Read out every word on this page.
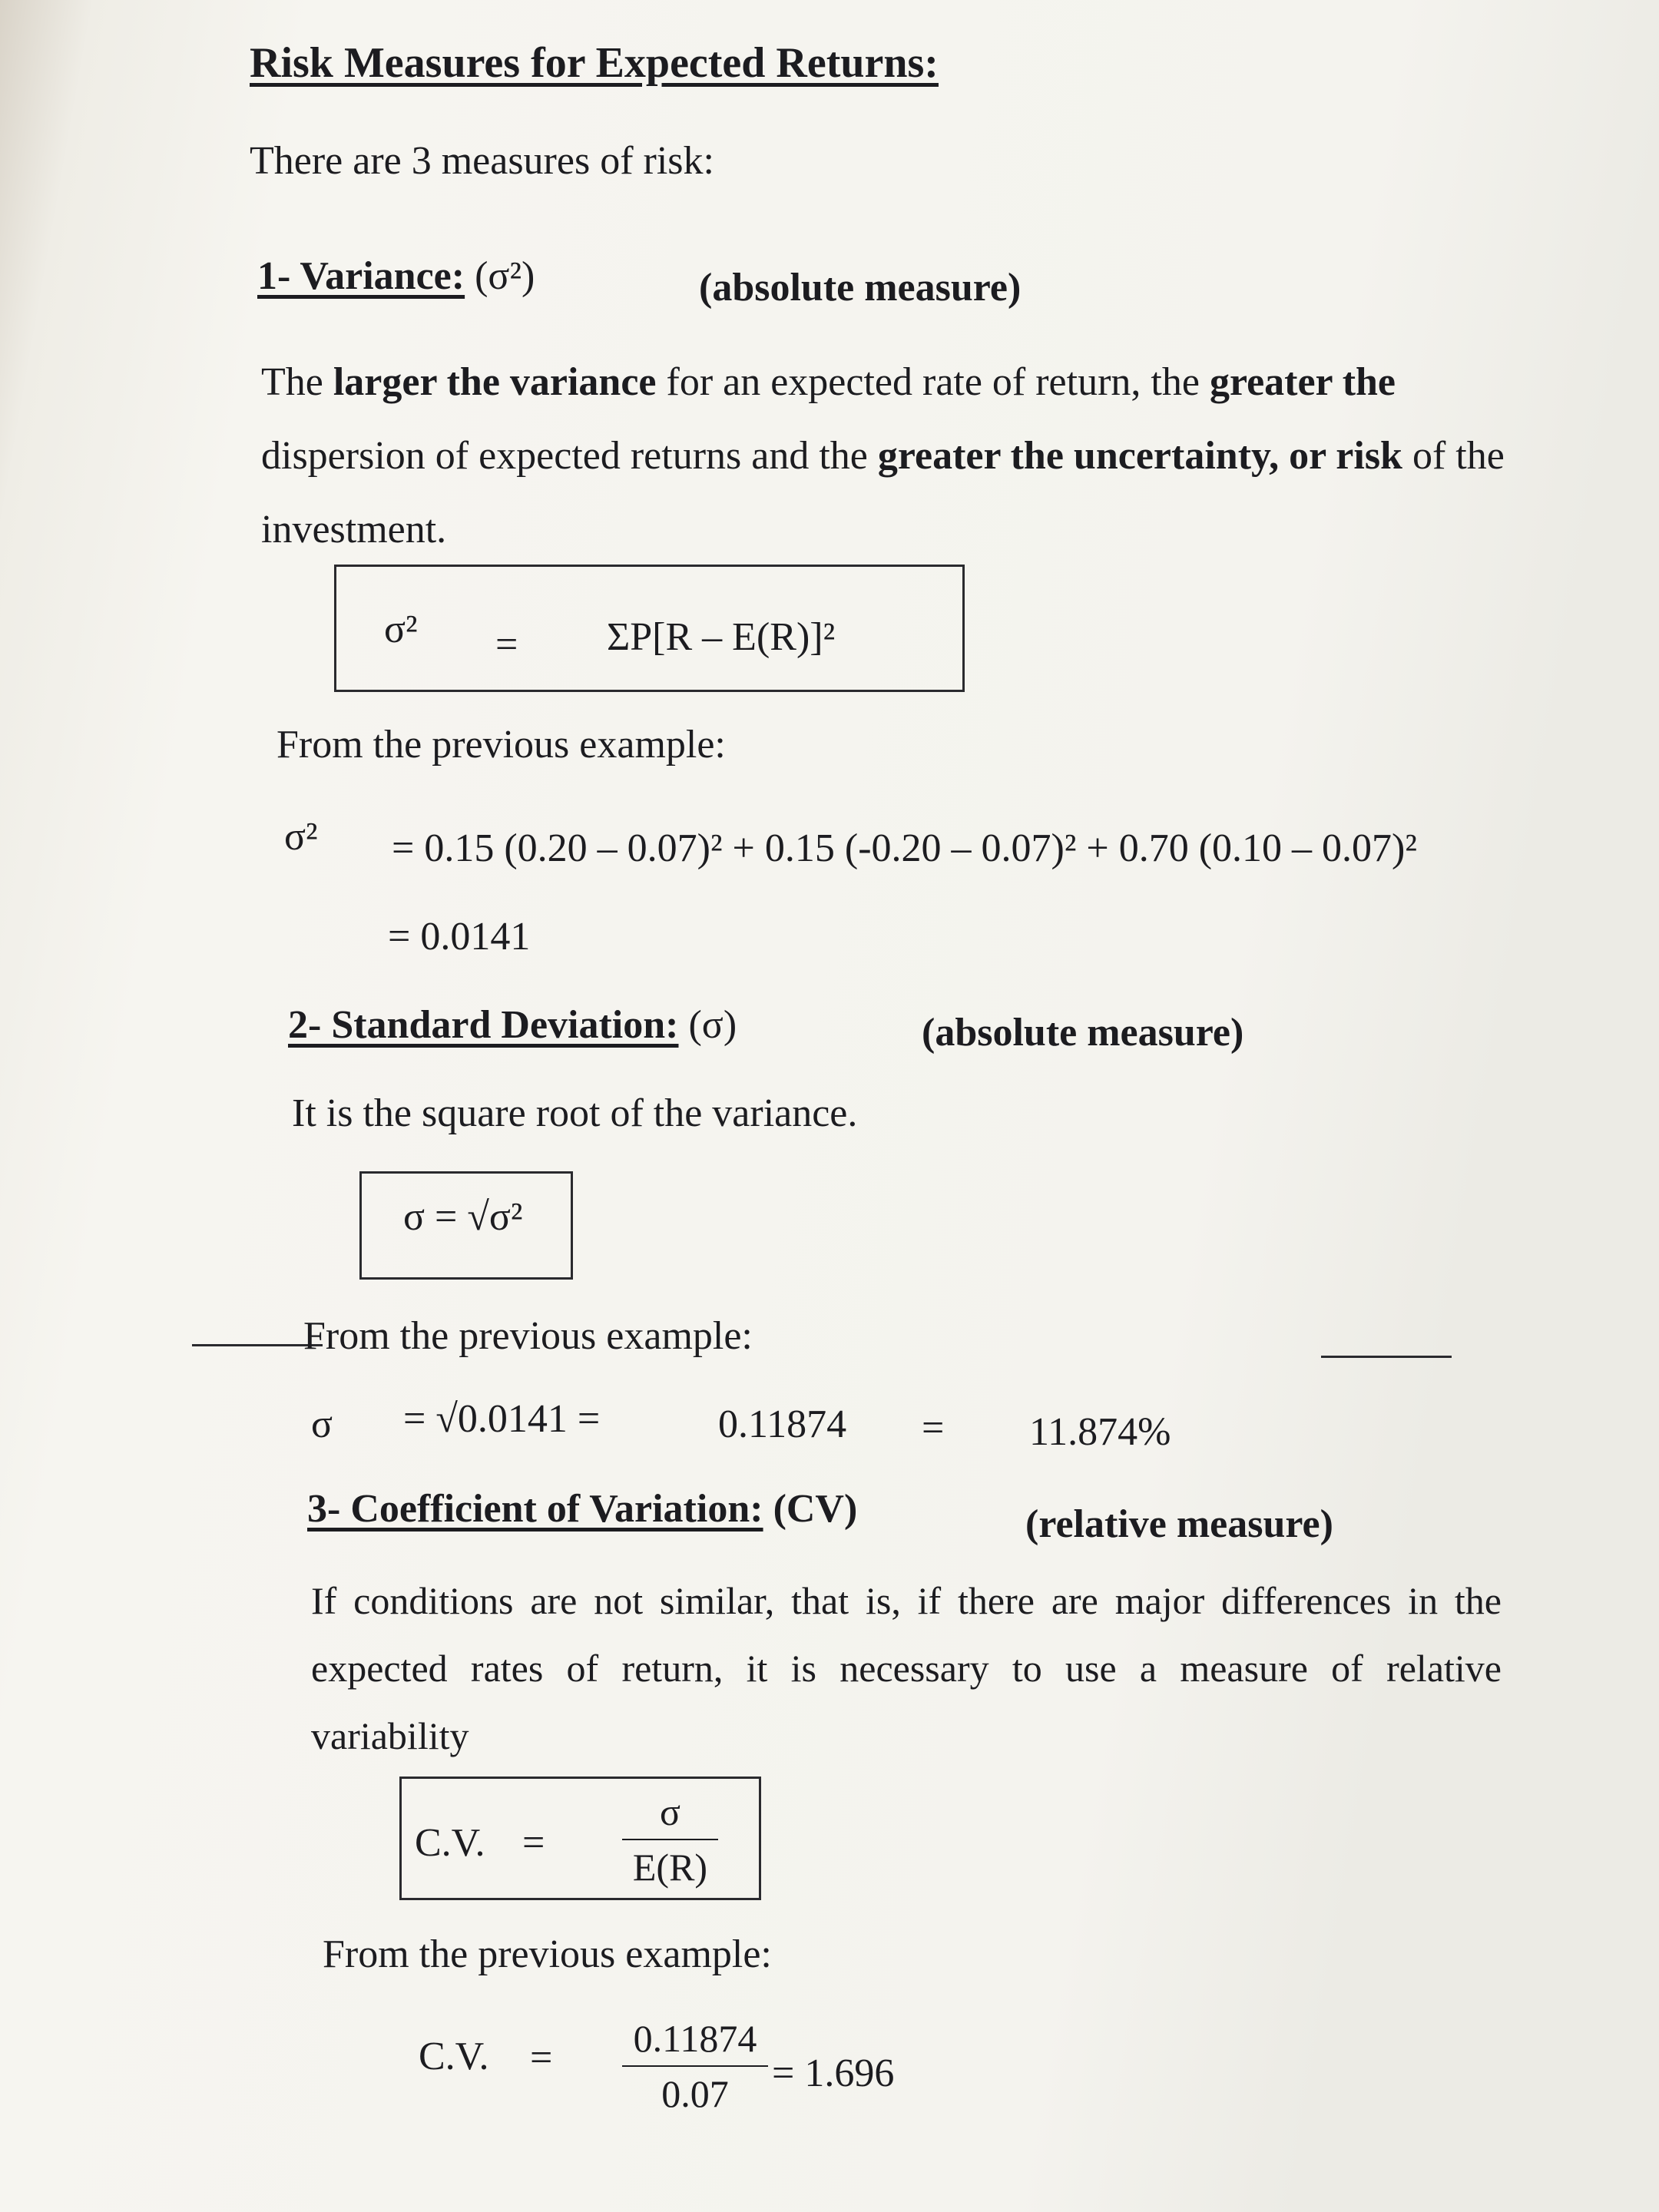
Risk Measures for Expected Returns:
There are 3 measures of risk:
1- Variance: (σ²)	(absolute measure)
The larger the variance for an expected rate of return, the greater the dispersion of expected returns and the greater the uncertainty, or risk of the investment.
σ² = ΣP[R – E(R)]²
From the previous example:
σ² = 0.15 (0.20 – 0.07)² + 0.15 (-0.20 – 0.07)² + 0.70 (0.10 – 0.07)²
= 0.0141
2- Standard Deviation: (σ)	(absolute measure)
It is the square root of the variance.
σ = √σ²
From the previous example:
σ = √0.0141 =	0.11874 = 11.874%
3- Coefficient of Variation: (CV)	(relative measure)
If conditions are not similar, that is, if there are major differences in the expected rates of return, it is necessary to use a measure of relative variability
C.V. =
σ
E(R)
From the previous example:
C.V. = 0.11874
0.07	= 1.696
